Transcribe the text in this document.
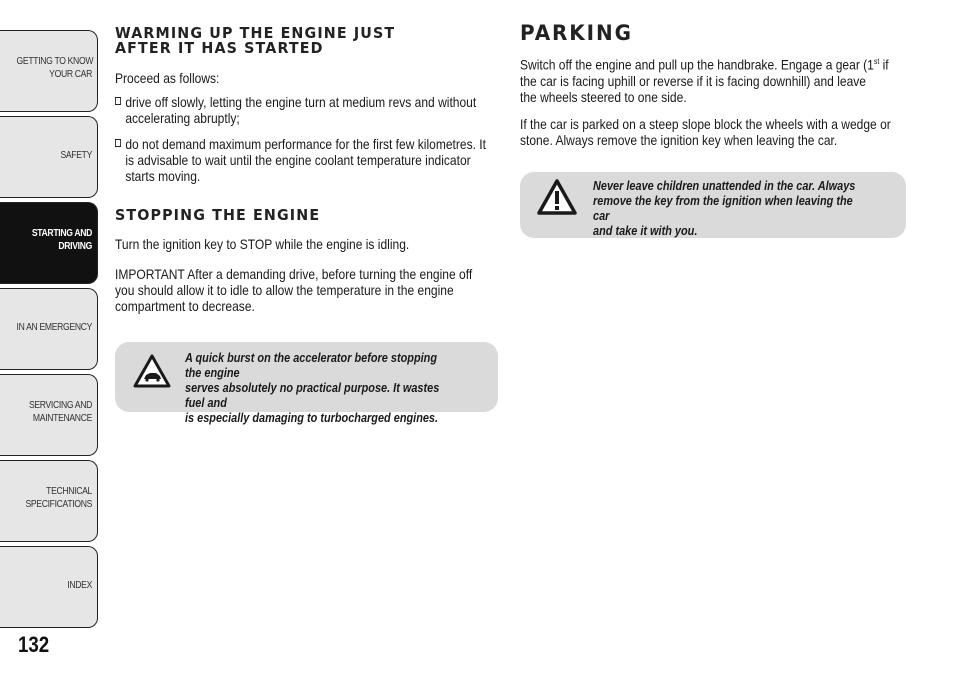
GETTING TO KNOW
YOUR CAR
SAFETY
STARTING AND
DRIVING
IN AN EMERGENCY
SERVICING AND
MAINTENANCE
TECHNICAL
SPECIFICATIONS
INDEX
132

WARMING UP THE ENGINE JUST

AFTER IT HAS STARTED

Proceed as follows:

drive off slowly, letting the engine turn at medium revs and without
accelerating abruptly;
do not demand maximum performance for the first few kilometres. It
is advisable to wait until the engine coolant temperature indicator
starts moving.

STOPPING THE ENGINE

Turn the ignition key to STOP while the engine is idling.

IMPORTANT After a demanding drive, before turning the engine off
you should allow it to idle to allow the temperature in the engine
compartment to decrease.
A quick burst on the accelerator before stopping the engine
serves absolutely no practical purpose. It wastes fuel and
is especially damaging to turbocharged engines.

PARKING

Switch off the engine and pull up the handbrake. Engage a gear (1st if
the car is facing uphill or reverse if it is facing downhill) and leave
the wheels steered to one side.
If the car is parked on a steep slope block the wheels with a wedge or
stone. Always remove the ignition key when leaving the car.
Never leave children unattended in the car. Always
remove the key from the ignition when leaving the car
and take it with you.
